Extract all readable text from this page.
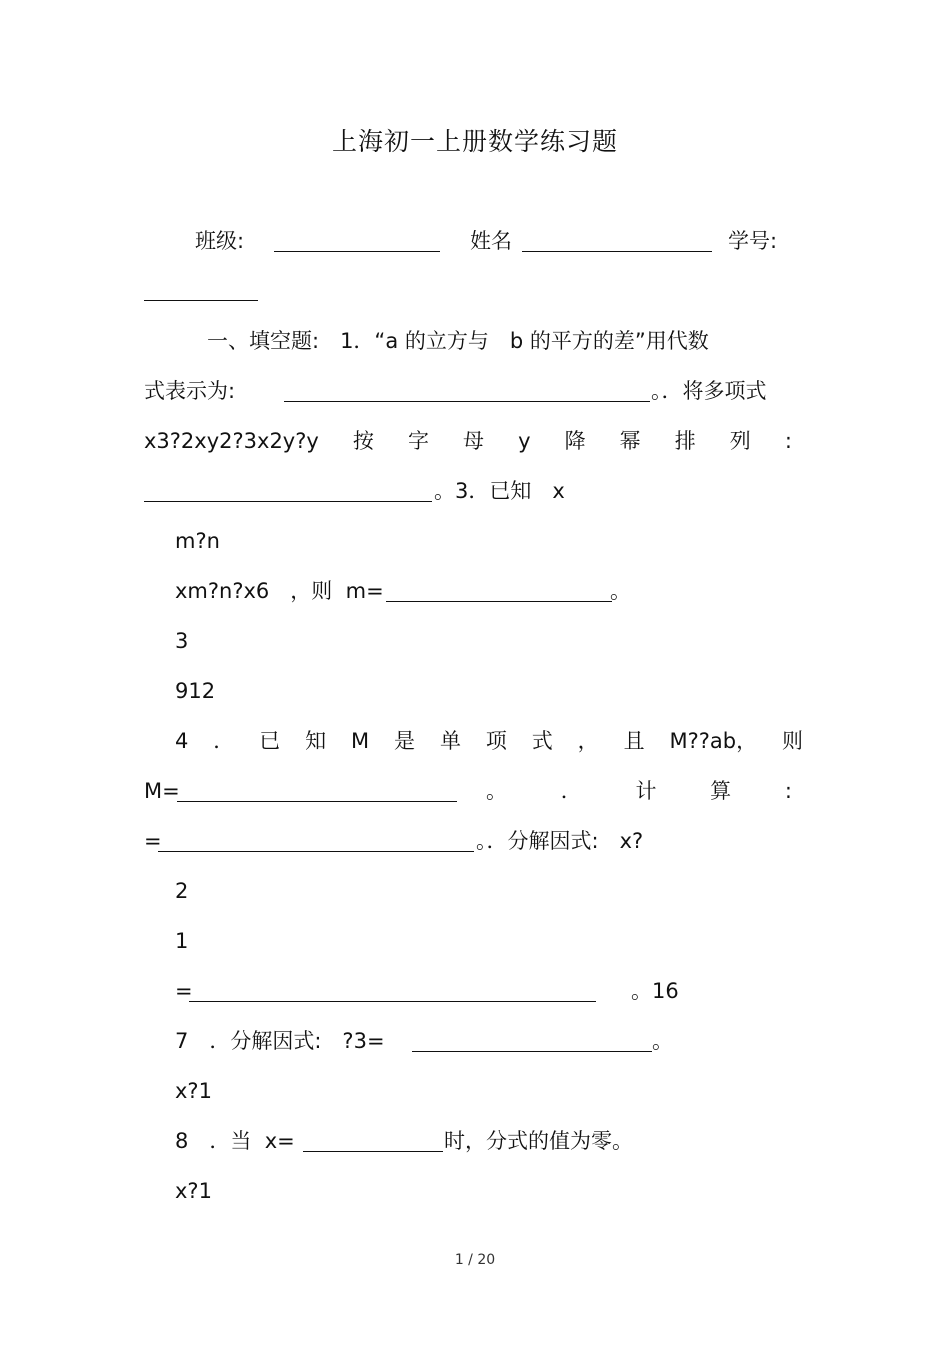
上海初一上册数学练习题
班级:	姓名	学号:
一、填空题:　1．“a 的立方与　b 的平方的差”用代数
式表示为:	。．将多项式
x3?2xy2?3x2y?y 按 字 母 y 降 幂 排 列 :
。3．已知　x
m?n
xm?n?x6　，则  m=	。
3
912
4 ． 已 知 M 是 单 项 式 ， 且 M??ab， 则
M=	。	．	计	算	:
=	。．分解因式:　x?
2
1
=	。16
7　．分解因式:　?3=	。
x?1
8　．当  x=	时，分式的值为零。
x?1
1 / 20
